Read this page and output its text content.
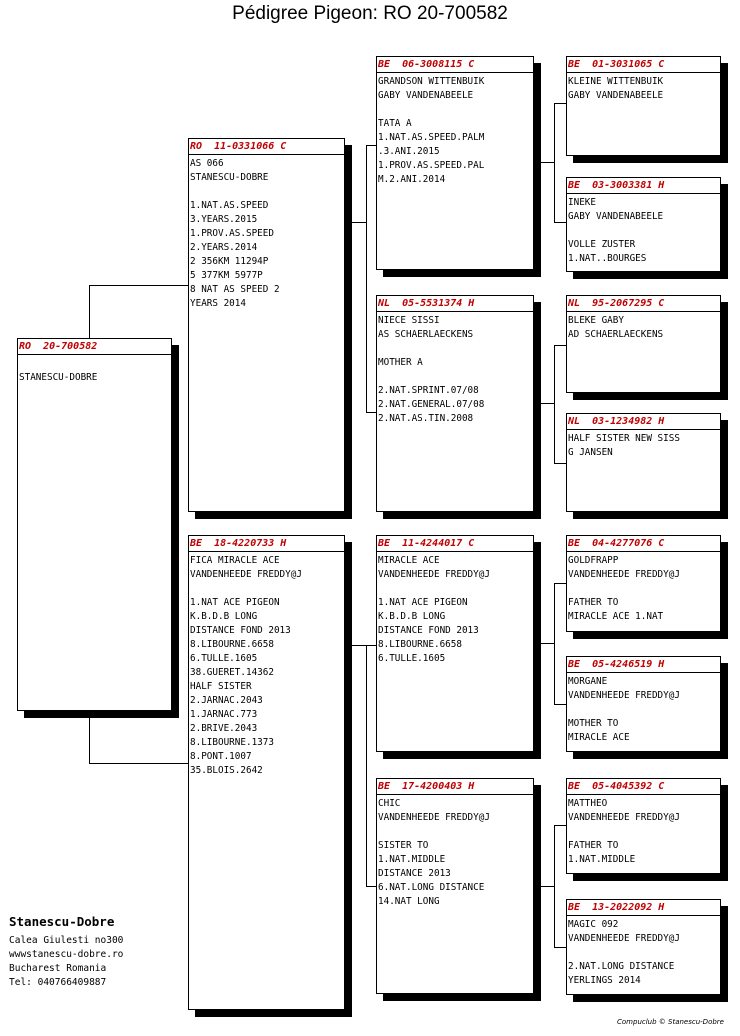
Pédigree Pigeon: RO 20-700582
RO  20-700582

STANESCU-DOBRE
RO  11-0331066 C
AS 066
STANESCU-DOBRE

1.NAT.AS.SPEED
3.YEARS.2015
1.PROV.AS.SPEED
2.YEARS.2014
2 356KM 11294P
5 377KM 5977P
8 NAT AS SPEED 2
YEARS 2014
BE  18-4220733 H
FICA MIRACLE ACE
VANDENHEEDE FREDDY@J

1.NAT ACE PIGEON
K.B.D.B LONG
DISTANCE FOND 2013
8.LIBOURNE.6658
6.TULLE.1605
38.GUERET.14362
HALF SISTER
2.JARNAC.2043
1.JARNAC.773
2.BRIVE.2043
8.LIBOURNE.1373
8.PONT.1007
35.BLOIS.2642
BE  06-3008115 C
GRANDSON WITTENBUIK
GABY VANDENABEELE

TATA A
1.NAT.AS.SPEED.PALM
.3.ANI.2015
1.PROV.AS.SPEED.PAL
M.2.ANI.2014
NL  05-5531374 H
NIECE SISSI
AS SCHAERLAECKENS

MOTHER A

2.NAT.SPRINT.07/08
2.NAT.GENERAL.07/08
2.NAT.AS.TIN.2008
BE  11-4244017 C
MIRACLE ACE
VANDENHEEDE FREDDY@J

1.NAT ACE PIGEON
K.B.D.B LONG
DISTANCE FOND 2013
8.LIBOURNE.6658
6.TULLE.1605
BE  17-4200403 H
CHIC
VANDENHEEDE FREDDY@J

SISTER TO
1.NAT.MIDDLE
DISTANCE 2013
6.NAT.LONG DISTANCE
14.NAT LONG
BE  01-3031065 C
KLEINE WITTENBUIK
GABY VANDENABEELE
BE  03-3003381 H
INEKE
GABY VANDENABEELE

VOLLE ZUSTER
1.NAT..BOURGES
NL  95-2067295 C
BLEKE GABY
AD SCHAERLAECKENS
NL  03-1234982 H
HALF SISTER NEW SISS
G JANSEN
BE  04-4277076 C
GOLDFRAPP
VANDENHEEDE FREDDY@J

FATHER TO
MIRACLE ACE 1.NAT
BE  05-4246519 H
MORGANE
VANDENHEEDE FREDDY@J

MOTHER TO
MIRACLE ACE
BE  05-4045392 C
MATTHEO
VANDENHEEDE FREDDY@J

FATHER TO
1.NAT.MIDDLE
BE  13-2022092 H
MAGIC 092
VANDENHEEDE FREDDY@J

2.NAT.LONG DISTANCE
YERLINGS 2014
Stanescu-Dobre
Calea Giulesti no300
wwwstanescu-dobre.ro
Bucharest Romania
Tel: 040766409887
Compuclub © Stanescu-Dobre
